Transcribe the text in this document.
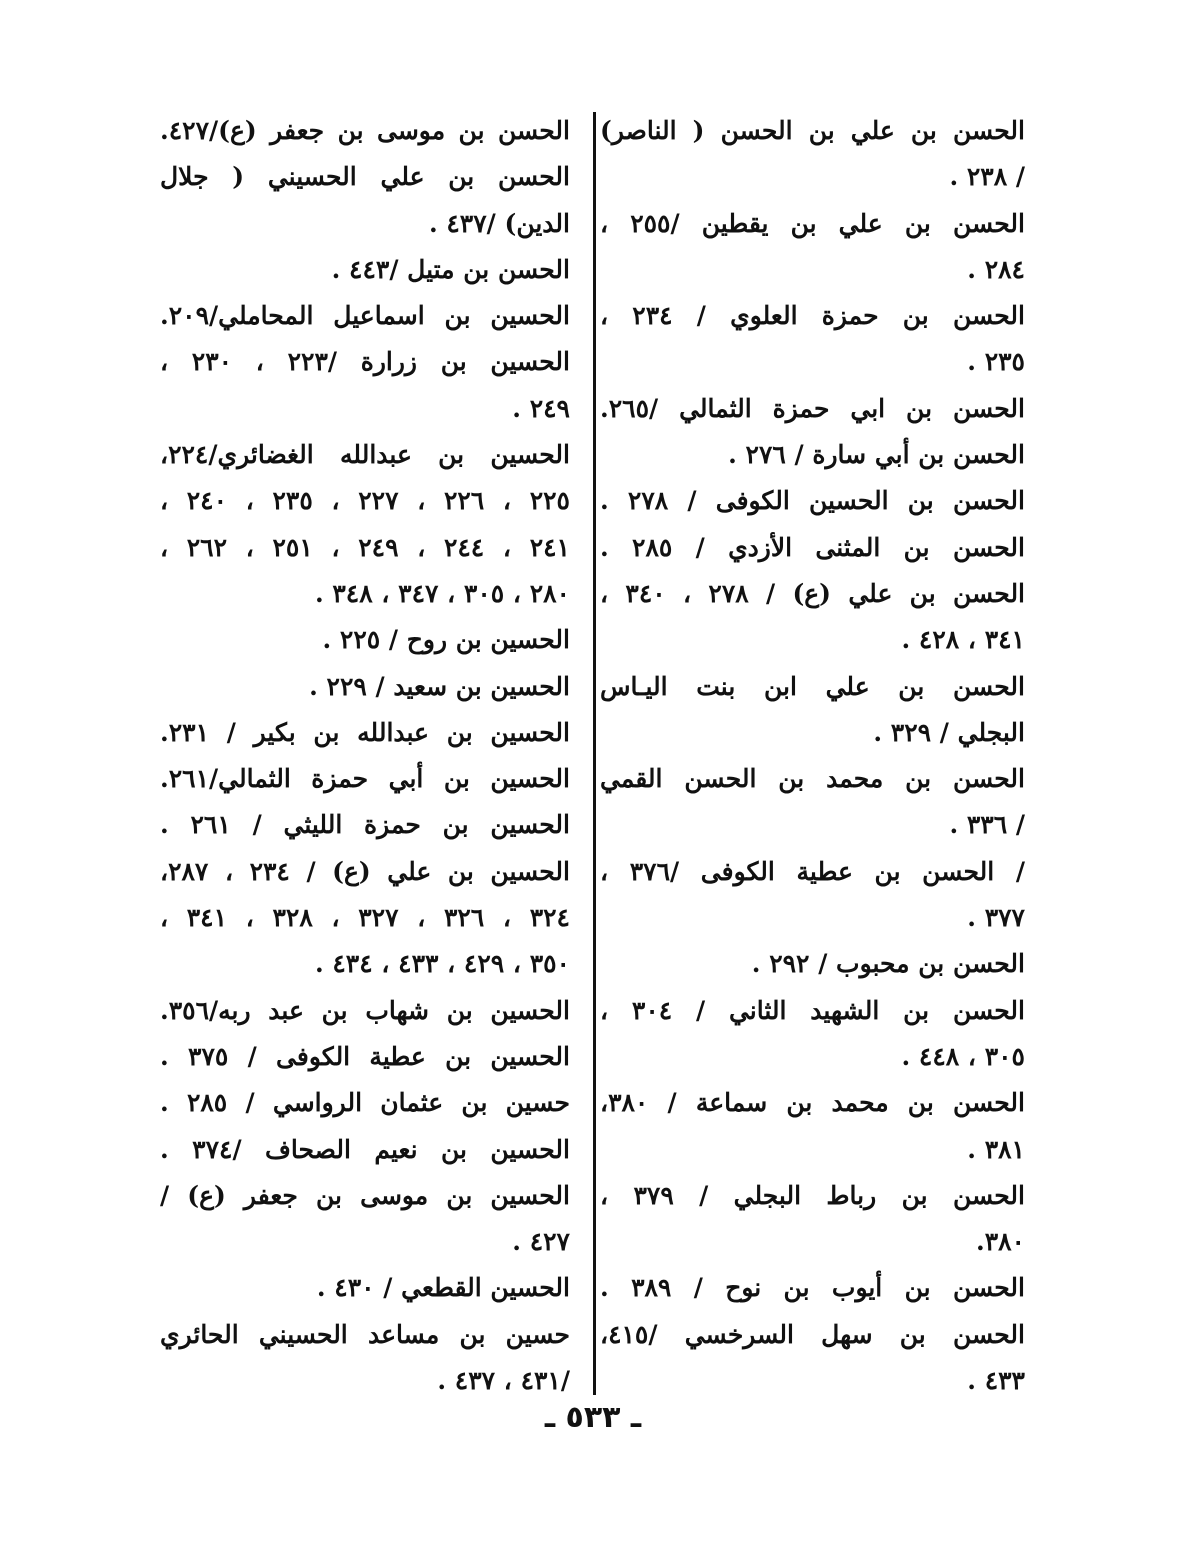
الحسن بن علي بن الحسن ( الناصر)
/ ٢٣٨ .
الحسن بن علي بن يقطين /٢٥٥ ،
٢٨٤ .
الحسن بن حمزة العلوي / ٢٣٤ ،
٢٣٥ .
الحسن بن ابي حمزة الثمالي /٢٦٥.
الحسن بن أبي سارة / ٢٧٦ .
الحسن بن الحسين الكوفى / ٢٧٨ .
الحسن بن المثنى الأزدي / ٢٨٥ .
الحسن بن علي (ع) / ٢٧٨ ، ٣٤٠ ،
٣٤١ ، ٤٢٨ .
الحسن بن علي ابن بنت اليـاس
البجلي / ٣٢٩ .
الحسن بن محمد بن الحسن القمي
/ ٣٣٦ .
/ الحسن بن عطية الكوفى /٣٧٦ ،
٣٧٧ .
الحسن بن محبوب / ٢٩٢ .
الحسن بن الشهيد الثاني / ٣٠٤ ،
٣٠٥ ، ٤٤٨ .
الحسن بن محمد بن سماعة / ٣٨٠،
٣٨١ .
الحسن بن رباط البجلي / ٣٧٩ ،
٣٨٠.
الحسن بن أيوب بن نوح / ٣٨٩ .
الحسن بن سهل السرخسي /٤١٥،
٤٣٣ .
الحسن بن موسى بن جعفر (ع)/٤٢٧.
الحسن بن علي الحسيني ( جلال
الدين) /٤٣٧ .
الحسن بن متيل /٤٤٣ .
الحسين بن اسماعيل المحاملي/٢٠٩.
الحسين بن زرارة /٢٢٣ ، ٢٣٠ ،
٢٤٩ .
الحسين بن عبدالله الغضائري/٢٢٤،
٢٢٥ ، ٢٢٦ ، ٢٢٧ ، ٢٣٥ ، ٢٤٠ ،
٢٤١ ، ٢٤٤ ، ٢٤٩ ، ٢٥١ ، ٢٦٢ ،
٢٨٠ ، ٣٠٥ ، ٣٤٧ ، ٣٤٨ .
الحسين بن روح / ٢٢٥ .
الحسين بن سعيد / ٢٢٩ .
الحسين بن عبدالله بن بكير / ٢٣١.
الحسين بن أبي حمزة الثمالي/٢٦١.
الحسين بن حمزة الليثي / ٢٦١ .
الحسين بن علي (ع) / ٢٣٤ ، ٢٨٧،
٣٢٤ ، ٣٢٦ ، ٣٢٧ ، ٣٢٨ ، ٣٤١ ،
٣٥٠ ، ٤٢٩ ، ٤٣٣ ، ٤٣٤ .
الحسين بن شهاب بن عبد ربه/٣٥٦.
الحسين بن عطية الكوفى / ٣٧٥ .
حسين بن عثمان الرواسي / ٢٨٥ .
الحسين بن نعيم الصحاف /٣٧٤ .
الحسين بن موسى بن جعفر (ع) /
٤٢٧ .
الحسين القطعي / ٤٣٠ .
حسين بن مساعد الحسيني الحائري
/٤٣١ ، ٤٣٧ .
ـ ٥٣٣ ـ
